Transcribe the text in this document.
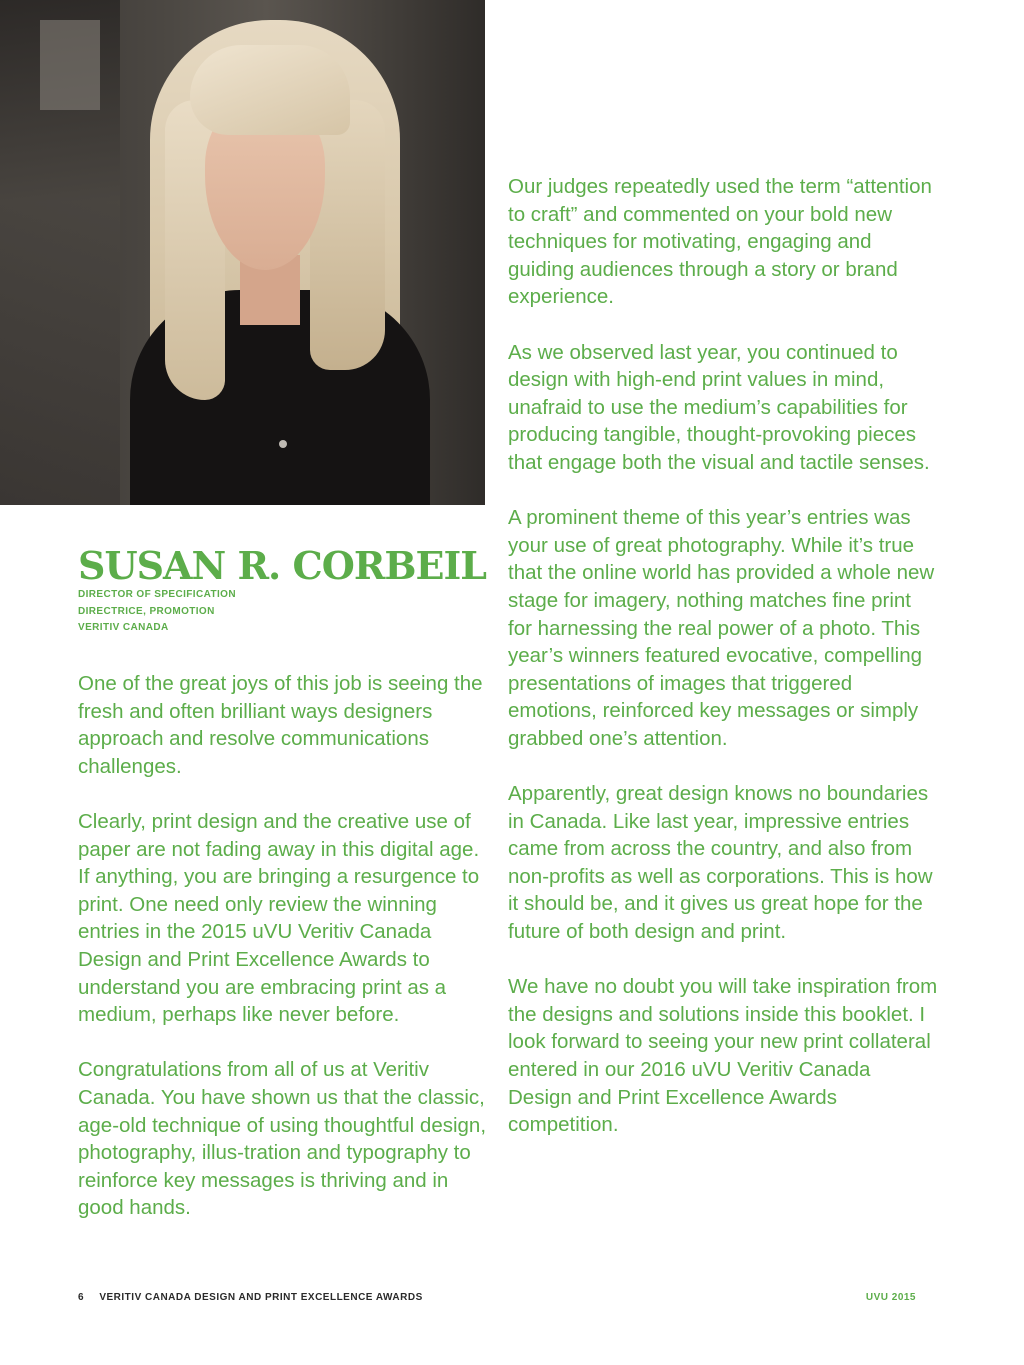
SUSAN R. CORBEIL
DIRECTOR OF SPECIFICATION
DIRECTRICE, PROMOTION
VERITIV CANADA

One of the great joys of this job is seeing the fresh and often brilliant ways designers approach and resolve communications challenges.

Clearly, print design and the creative use of paper are not fading away in this digital age. If anything, you are bringing a resurgence to print. One need only review the winning entries in the 2015 uVU Veritiv Canada Design and Print Excellence Awards to understand you are embracing print as a medium, perhaps like never before.

Congratulations from all of us at Veritiv Canada. You have shown us that the classic, age-old technique of using thoughtful design, photography, illus-tration and typography to reinforce key messages is thriving and in good hands.

Our judges repeatedly used the term “attention to craft” and commented on your bold new techniques for motivating, engaging and guiding audiences through a story or brand experience.

As we observed last year, you continued to design with high-end print values in mind, unafraid to use the medium’s capabilities for producing tangible, thought-provoking pieces that engage both the visual and tactile senses.

A prominent theme of this year’s entries was your use of great photography. While it’s true that the online world has provided a whole new stage for imagery, nothing matches fine print for harnessing the real power of a photo. This year’s winners featured evocative, compelling presentations of images that triggered emotions, reinforced key messages or simply grabbed one’s attention.

Apparently, great design knows no boundaries in Canada. Like last year, impressive entries came from across the country, and also from non-profits as well as corporations. This is how it should be, and it gives us great hope for the future of both design and print.

We have no doubt you will take inspiration from the designs and solutions inside this booklet. I look forward to seeing your new print collateral entered in our 2016 uVU Veritiv Canada Design and Print Excellence Awards competition.

6 VERITIV CANADA DESIGN AND PRINT EXCELLENCE AWARDS	UVU 2015
